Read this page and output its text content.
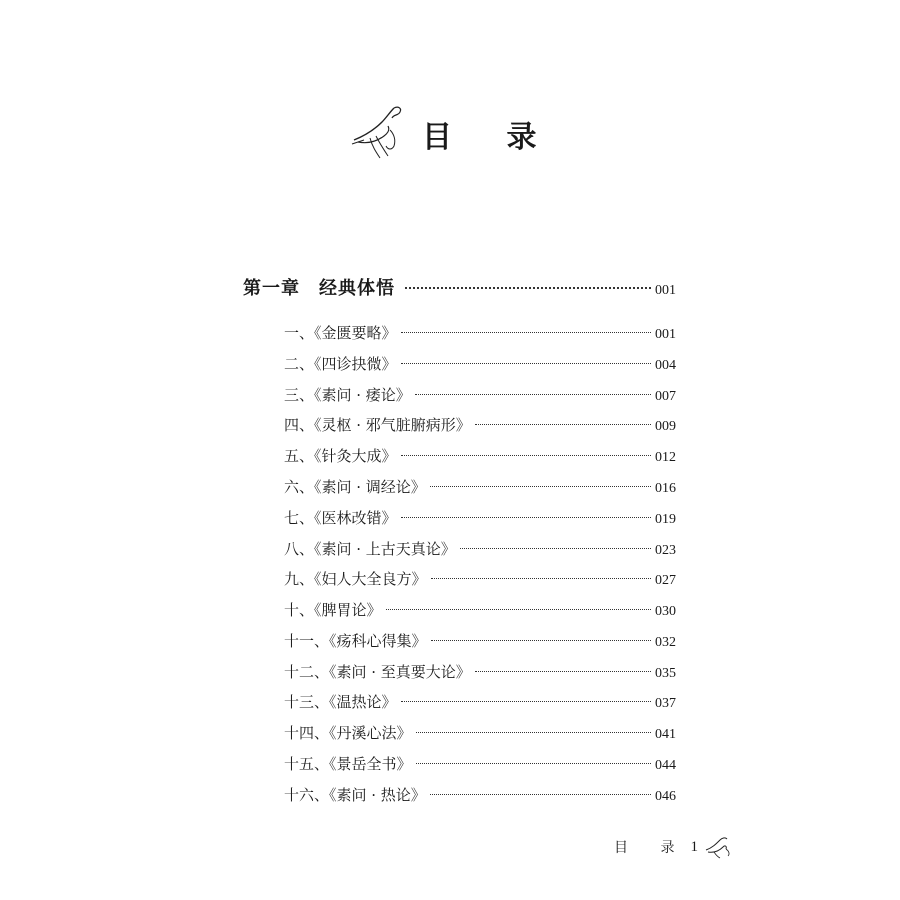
目 录
第一章　经典体悟	001
一、《金匮要略》	001
二、《四诊抉微》	004
三、《素问 · 痿论》	007
四、《灵枢 · 邪气脏腑病形》	009
五、《针灸大成》	012
六、《素问 · 调经论》	016
七、《医林改错》	019
八、《素问 · 上古天真论》	023
九、《妇人大全良方》	027
十、《脾胃论》	030
十一、《疡科心得集》	032
十二、《素问 · 至真要大论》	035
十三、《温热论》	037
十四、《丹溪心法》	041
十五、《景岳全书》	044
十六、《素问 · 热论》	046
目 录 1
